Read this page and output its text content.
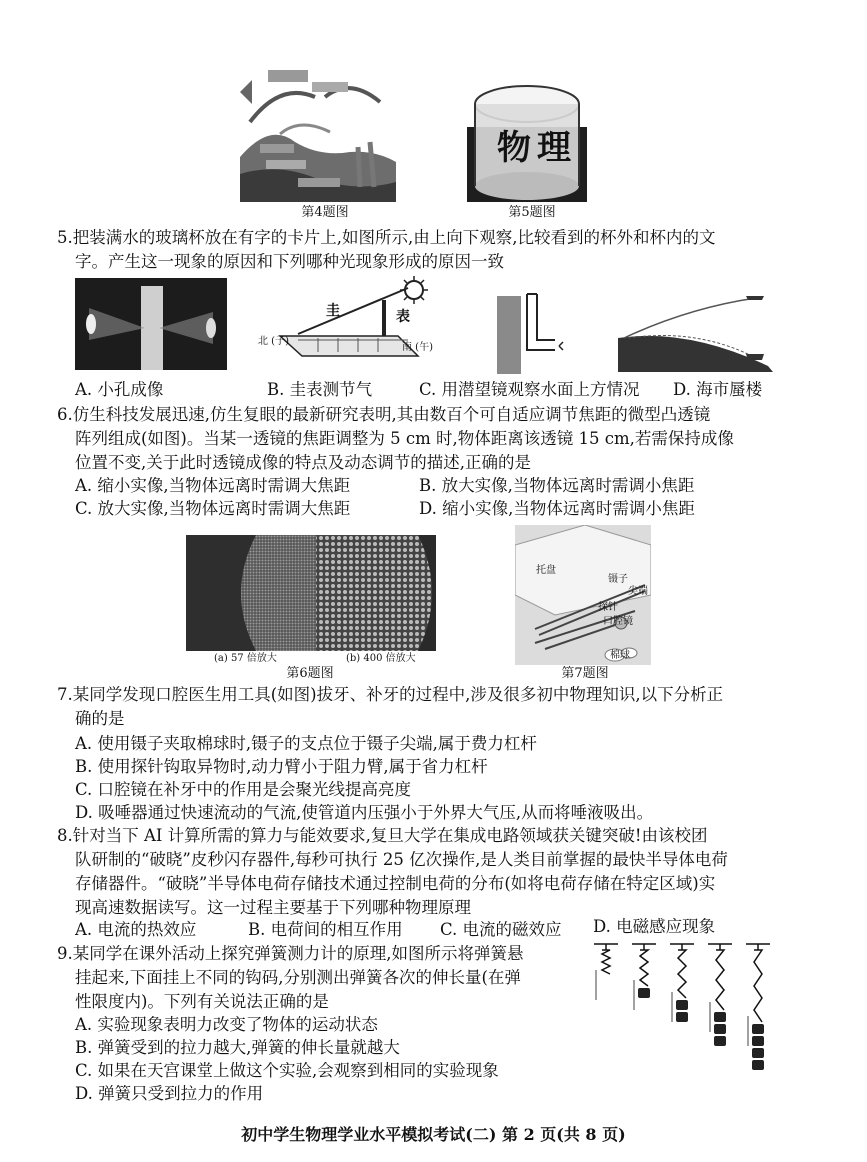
第4题图
物理
第5题图
5.把装满水的玻璃杯放在有字的卡片上,如图所示,由上向下观察,比较看到的杯外和杯内的文
字。产生这一现象的原因和下列哪种光现象形成的原因一致
圭	表
北 (子)
南 (午)
A. 小孔成像	B. 圭表测节气	C. 用潜望镜观察水面上方情况 D. 海市蜃楼
6.仿生科技发展迅速,仿生复眼的最新研究表明,其由数百个可自适应调节焦距的微型凸透镜
阵列组成(如图)。当某一透镜的焦距调整为 5 cm 时,物体距离该透镜 15 cm,若需保持成像
位置不变,关于此时透镜成像的特点及动态调节的描述,正确的是
A. 缩小实像,当物体远离时需调大焦距	B. 放大实像,当物体远离时需调小焦距
C. 放大实像,当物体远离时需调大焦距	D. 缩小实像,当物体远离时需调小焦距
(a) 57 倍放大	(b) 400 倍放大
第6题图
托盘
镊子
尖端
探针
口腔镜
棉球
第7题图
7.某同学发现口腔医生用工具(如图)拔牙、补牙的过程中,涉及很多初中物理知识,以下分析正
确的是
A. 使用镊子夹取棉球时,镊子的支点位于镊子尖端,属于费力杠杆
B. 使用探针钩取异物时,动力臂小于阻力臂,属于省力杠杆
C. 口腔镜在补牙中的作用是会聚光线提高亮度
D. 吸唾器通过快速流动的气流,使管道内压强小于外界大气压,从而将唾液吸出。
8.针对当下 AI 计算所需的算力与能效要求,复旦大学在集成电路领域获关键突破!由该校团
队研制的“破晓”皮秒闪存器件,每秒可执行 25 亿次操作,是人类目前掌握的最快半导体电荷
存储器件。“破晓”半导体电荷存储技术通过控制电荷的分布(如将电荷存储在特定区域)实
现高速数据读写。这一过程主要基于下列哪种物理原理
A. 电流的热效应	B. 电荷间的相互作用 C. 电流的磁效应 D. 电磁感应现象
9.某同学在课外活动上探究弹簧测力计的原理,如图所示将弹簧悬
挂起来,下面挂上不同的钩码,分别测出弹簧各次的伸长量(在弹
性限度内)。下列有关说法正确的是
A. 实验现象表明力改变了物体的运动状态
B. 弹簧受到的拉力越大,弹簧的伸长量就越大
C. 如果在天宫课堂上做这个实验,会观察到相同的实验现象
D. 弹簧只受到拉力的作用
初中学生物理学业水平模拟考试(二) 第 2 页(共 8 页)
